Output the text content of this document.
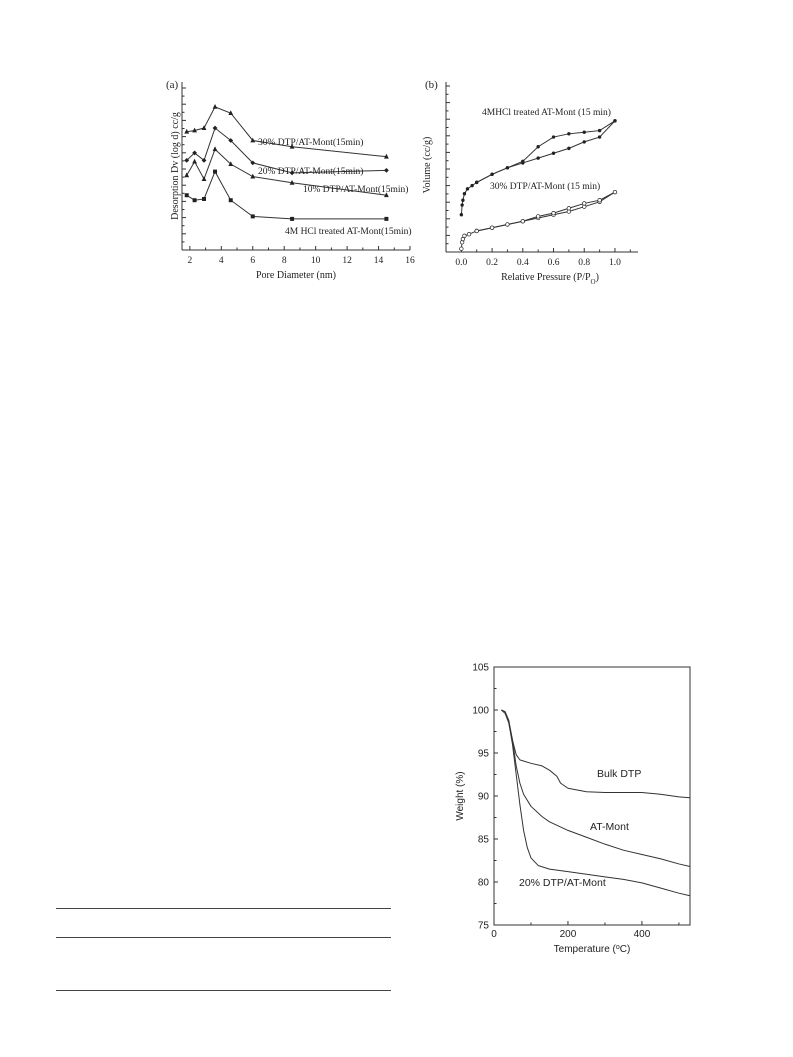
(a)
2	4	6	8	10 12 14 16
Pore Diameter (nm)
Desorption Dv (log d) cc/g	30% DTP/AT-Mont(15min)
20% DTP/AT-Mont(15min)
10% DTP/AT-Mont(15min)
4M HCl treated AT-Mont(15min)
(b)
0.0 0.2 0.4 0.6 0.8 1.0
Relative Pressure $(P/P_O)$
Volume (cc/g)
4MHCl treated AT-Mont (15 min)
30% DTP/AT-Mont (15 min)
75
80
85
90
95
100
105
0	200	400
Temperature ($^o$C)
Weight (%)	Bulk DTP
AT-Mont
20% DTP/AT-Mont
